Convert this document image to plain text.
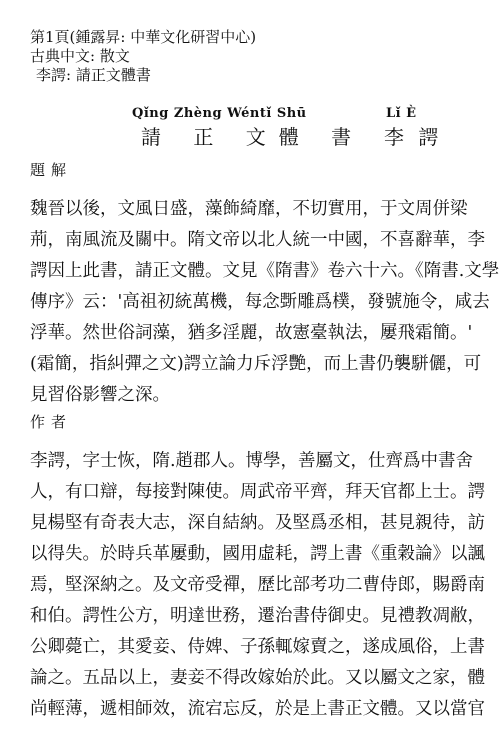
第1頁(鍾露昇: 中華文化研習中心)
古典中文: 散文
李諤: 請正文體書
Qǐng Zhèng Wéntǐ Shū	Lǐ È
請 正 文體 書 李 諤
題解
魏晉以後，文風日盛，藻飾綺靡，不切實用，于文周併梁
荊，南風流及關中。隋文帝以北人統一中國，不喜辭華，李
諤因上此書，請正文體。文見《隋書》卷六十六。《隋書.文學
傳序》云：'高祖初統萬機，每念斲雕爲樸，發號施令，咸去
浮華。然世俗詞藻，猶多淫麗，故憲臺執法，屢飛霜簡。'
(霜簡，指糾彈之文)諤立論力斥浮艷，而上書仍襲駢儷，可
見習俗影響之深。
作者
李諤，字士恢，隋.趙郡人。博學，善屬文，仕齊爲中書舍
人，有口辯，每接對陳使。周武帝平齊，拜天官都上士。諤
見楊堅有奇表大志，深自結納。及堅爲丞相，甚見親待，訪
以得失。於時兵革屢動，國用虛耗，諤上書《重穀論》以諷
焉，堅深納之。及文帝受禪，歷比部考功二曹侍郎，賜爵南
和伯。諤性公方，明達世務，遷治書侍御史。見禮教凋敝，
公卿薨亡，其愛妾、侍婢、子孫輒嫁賣之，遂成風俗，上書
論之。五品以上，妻妾不得改嫁始於此。又以屬文之家，體
尚輕薄，遞相師效，流宕忘反，於是上書正文體。又以當官
